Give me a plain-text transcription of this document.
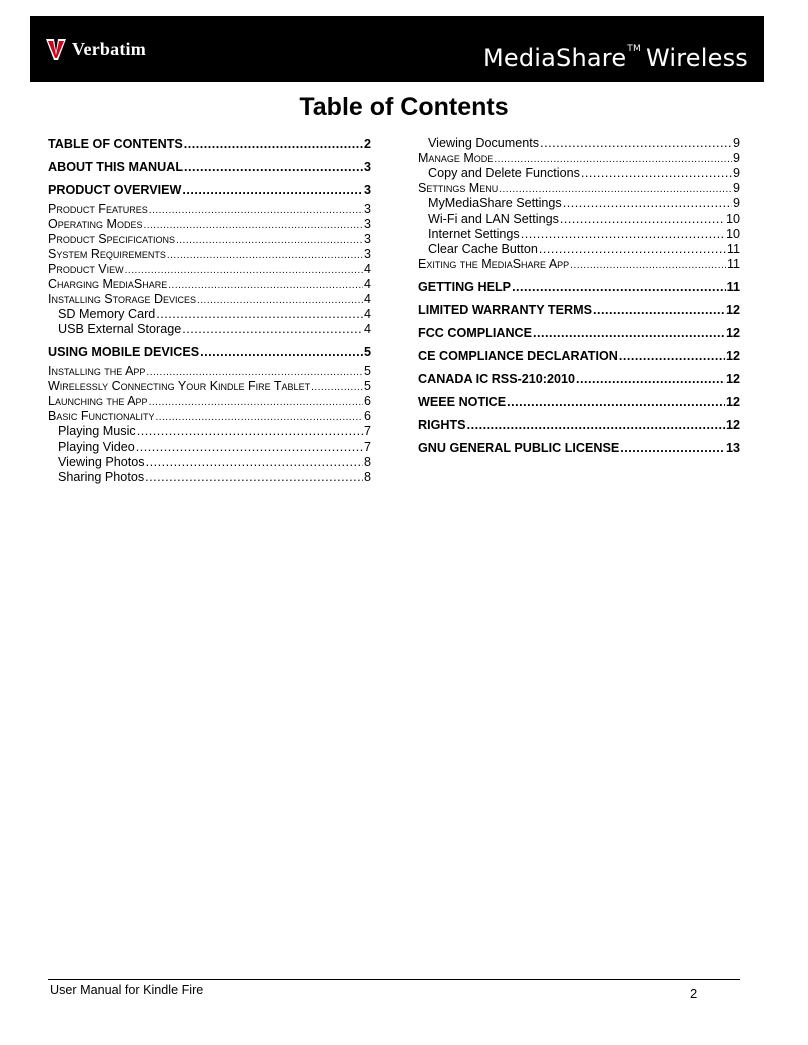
Verbatim	MediaShare™ Wireless
Table of Contents
TABLE OF CONTENTS .....	2
ABOUT THIS MANUAL .....	3
PRODUCT OVERVIEW .....	3
Product Features .....	3
Operating Modes .....	3
Product Specifications .....	3
System Requirements .....	3
Product View .....	4
Charging MediaShare .....	4
Installing Storage Devices .....	4
SD Memory Card .....	4
USB External Storage .....	4
USING MOBILE DEVICES .....	5
Installing the App .....	5
Wirelessly Connecting Your Kindle Fire Tablet .....	5
Launching the App .....	6
Basic Functionality .....	6
Playing Music .....	7
Playing Video .....	7
Viewing Photos .....	8
Sharing Photos .....	8
Viewing Documents .....	9
Manage Mode .....	9
Copy and Delete Functions .....	9
Settings Menu .....	9
MyMediaShare Settings .....	9
Wi-Fi and LAN Settings .....	10
Internet Settings .....	10
Clear Cache Button .....	11
Exiting the MediaShare App .....	11
GETTING HELP .....	11
LIMITED WARRANTY TERMS .....	12
FCC COMPLIANCE .....	12
CE COMPLIANCE DECLARATION .....	12
CANADA IC RSS-210:2010 .....	12
WEEE NOTICE .....	12
RIGHTS .....	12
GNU GENERAL PUBLIC LICENSE .....	13
User Manual for Kindle Fire	2
